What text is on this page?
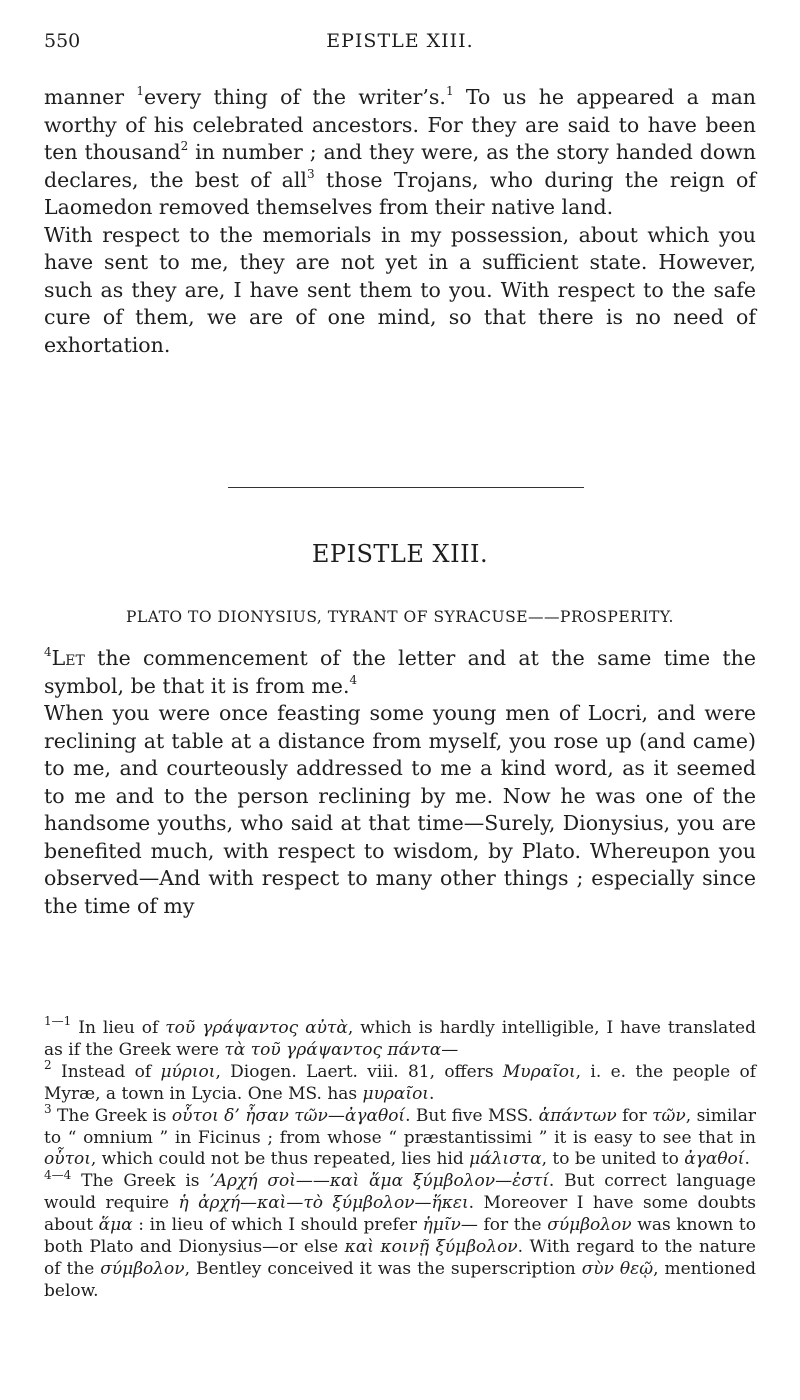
550	EPISTLE XIII.

manner $^1$every thing of the writer’s.$^1$ To us he appeared a man worthy of his celebrated ancestors. For they are said to have been ten thousand$^2$ in number ; and they were, as the story handed down declares, the best of all$^3$ those Trojans, who during the reign of Laomedon removed themselves from their native land.

With respect to the memorials in my possession, about which you have sent to me, they are not yet in a sufficient state. However, such as they are, I have sent them to you. With respect to the safe cure of them, we are of one mind, so that there is no need of exhortation.

EPISTLE XIII.
PLATO TO DIONYSIUS, TYRANT OF SYRACUSE——PROSPERITY.

$^4$Let the commencement of the letter and at the same time the symbol, be that it is from me.$^4$

When you were once feasting some young men of Locri, and were reclining at table at a distance from myself, you rose up (and came) to me, and courteously addressed to me a kind word, as it seemed to me and to the person reclining by me. Now he was one of the handsome youths, who said at that time—Surely, Dionysius, you are benefited much, with respect to wisdom, by Plato. Whereupon you observed—And with respect to many other things ; especially since the time of my

$^{1—1}$ In lieu of τοῦ γράψαντος αὐτὰ, which is hardly intelligible, I have translated as if the Greek were τὰ τοῦ γράψαντος πάντα—

$^2$ Instead of μύριοι, Diogen. Laert. viii. 81, offers Μυραῖοι, i. e. the people of Myræ, a town in Lycia. One MS. has μυραῖοι.

$^3$ The Greek is οὗτοι δ’ ἦσαν τῶν—ἀγαθοί. But five MSS. ἁπάντων for τῶν, similar to “ omnium ” in Ficinus ; from whose “ præstantissimi ” it is easy to see that in οὗτοι, which could not be thus repeated, lies hid μάλιστα, to be united to ἀγαθοί.

$^{4—4}$ The Greek is ’Αρχή σοὶ——καὶ ἅμα ξύμβολον—ἐστί. But correct language would require ἡ ἀρχή—καὶ—τὸ ξύμβολον—ἥκει. Moreover I have some doubts about ἅμα : in lieu of which I should prefer ἡμῖν— for the σύμβολον was known to both Plato and Dionysius—or else καὶ κοινῇ ξύμβολον. With regard to the nature of the σύμβολον, Bentley conceived it was the superscription σὺν θεῷ, mentioned below.
